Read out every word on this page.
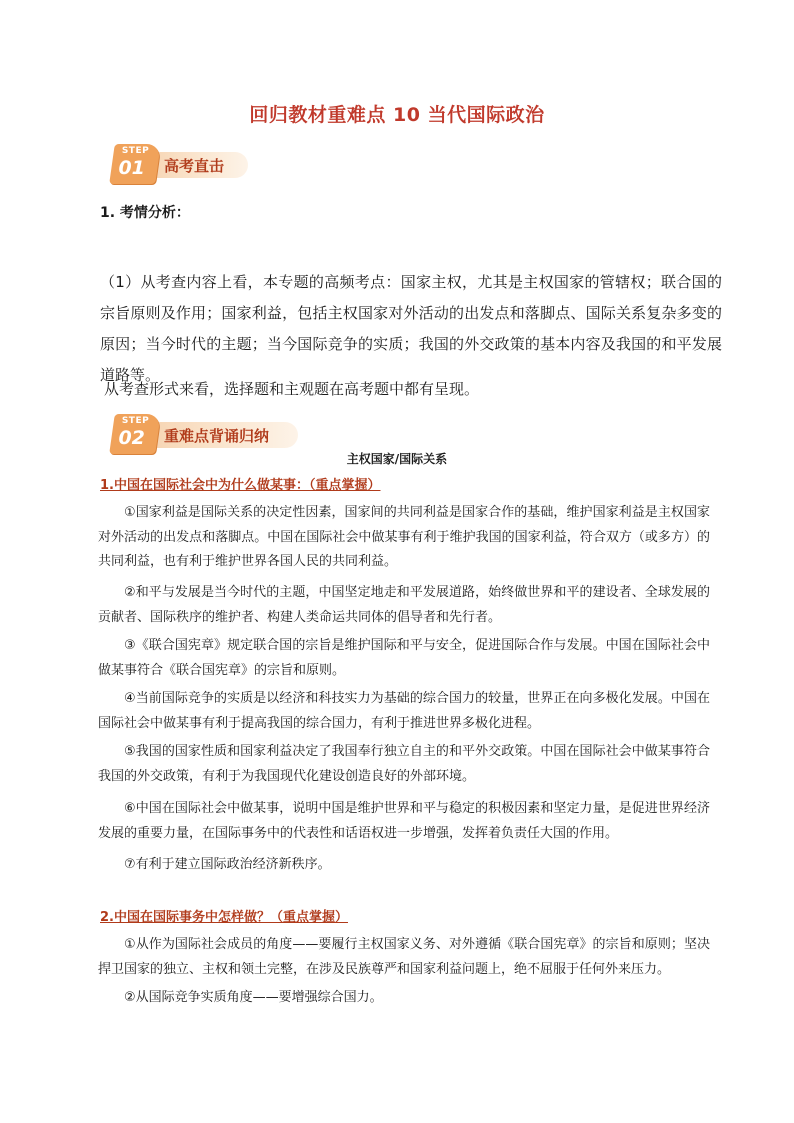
回归教材重难点 10 当代国际政治
高考直击
STEP
01
1. 考情分析：
（1）从考查内容上看，本专题的高频考点：国家主权，尤其是主权国家的管辖权；联合国的宗旨原则及作用；国家利益，包括主权国家对外活动的出发点和落脚点、国际关系复杂多变的原因；当今时代的主题；当今国际竞争的实质；我国的外交政策的基本内容及我国的和平发展道路等。
从考查形式来看，选择题和主观题在高考题中都有呈现。
重难点背诵归纳
STEP
02
主权国家/国际关系
1.中国在国际社会中为什么做某事：（重点掌握）
①国家利益是国际关系的决定性因素，国家间的共同利益是国家合作的基础，维护国家利益是主权国家对外活动的出发点和落脚点。中国在国际社会中做某事有利于维护我国的国家利益，符合双方（或多方）的共同利益，也有利于维护世界各国人民的共同利益。
②和平与发展是当今时代的主题，中国坚定地走和平发展道路，始终做世界和平的建设者、全球发展的贡献者、国际秩序的维护者、构建人类命运共同体的倡导者和先行者。
③《联合国宪章》规定联合国的宗旨是维护国际和平与安全，促进国际合作与发展。中国在国际社会中做某事符合《联合国宪章》的宗旨和原则。
④当前国际竞争的实质是以经济和科技实力为基础的综合国力的较量，世界正在向多极化发展。中国在国际社会中做某事有利于提高我国的综合国力，有利于推进世界多极化进程。
⑤我国的国家性质和国家利益决定了我国奉行独立自主的和平外交政策。中国在国际社会中做某事符合我国的外交政策，有利于为我国现代化建设创造良好的外部环境。
⑥中国在国际社会中做某事，说明中国是维护世界和平与稳定的积极因素和坚定力量，是促进世界经济发展的重要力量，在国际事务中的代表性和话语权进一步增强，发挥着负责任大国的作用。
⑦有利于建立国际政治经济新秩序。
2.中国在国际事务中怎样做？（重点掌握）
①从作为国际社会成员的角度——要履行主权国家义务、对外遵循《联合国宪章》的宗旨和原则；坚决捍卫国家的独立、主权和领土完整，在涉及民族尊严和国家利益问题上，绝不屈服于任何外来压力。
②从国际竞争实质角度——要增强综合国力。
